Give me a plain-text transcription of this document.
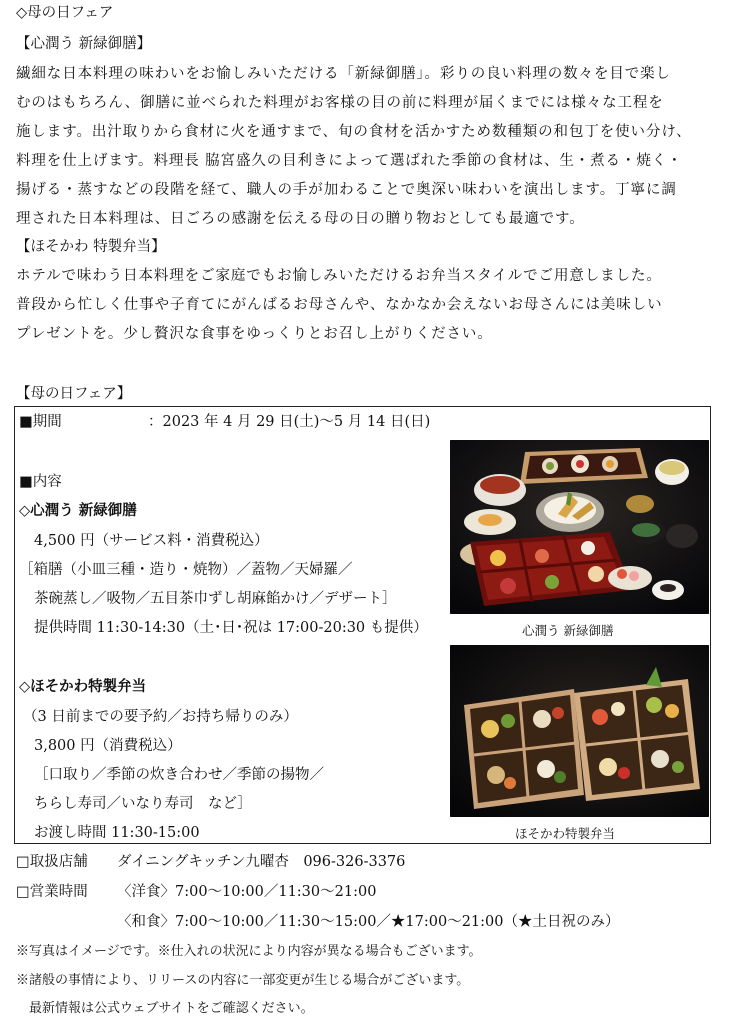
◇母の日フェア
【心潤う 新緑御膳】
繊細な日本料理の味わいをお愉しみいただける「新緑御膳」。彩りの良い料理の数々を目で楽し
むのはもちろん、御膳に並べられた料理がお客様の目の前に料理が届くまでには様々な工程を
施します。出汁取りから食材に火を通すまで、旬の食材を活かすため数種類の和包丁を使い分け、
料理を仕上げます。料理長 脇宮盛久の目利きによって選ばれた季節の食材は、生・煮る・焼く・
揚げる・蒸すなどの段階を経て、職人の手が加わることで奥深い味わいを演出します。丁寧に調
理された日本料理は、日ごろの感謝を伝える母の日の贈り物おとしても最適です。
【ほそかわ 特製弁当】
ホテルで味わう日本料理をご家庭でもお愉しみいただけるお弁当スタイルでご用意しました。
普段から忙しく仕事や子育てにがんばるお母さんや、なかなか会えないお母さんには美味しい
プレゼントを。少し贅沢な食事をゆっくりとお召し上がりください。
【母の日フェア】
■期間	：2023 年 4 月 29 日(土)～5 月 14 日(日)
■内容
◇心潤う 新緑御膳
4,500 円（サービス料・消費税込）
［箱膳（小皿三種・造り・焼物）／蓋物／天婦羅／
茶碗蒸し／吸物／五目茶巾ずし胡麻餡かけ／デザート］
提供時間 11:30-14:30（土･日･祝は 17:00-20:30 も提供）
◇ほそかわ特製弁当
（3 日前までの要予約／お持ち帰りのみ）
3,800 円（消費税込）
［口取り／季節の炊き合わせ／季節の揚物／
ちらし寿司／いなり寿司　など］
お渡し時間 11:30-15:00
心潤う 新緑御膳
ほそかわ特製弁当
□取扱店舗 ダイニングキッチン九曜杏　096-326-3376
□営業時間 〈洋食〉7:00～10:00／11:30～21:00
〈和食〉7:00～10:00／11:30～15:00／★17:00～21:00（★土日祝のみ）
※写真はイメージです。※仕入れの状況により内容が異なる場合もございます。
※諸般の事情により、リリースの内容に一部変更が生じる場合がございます。
　最新情報は公式ウェブサイトをご確認ください。
